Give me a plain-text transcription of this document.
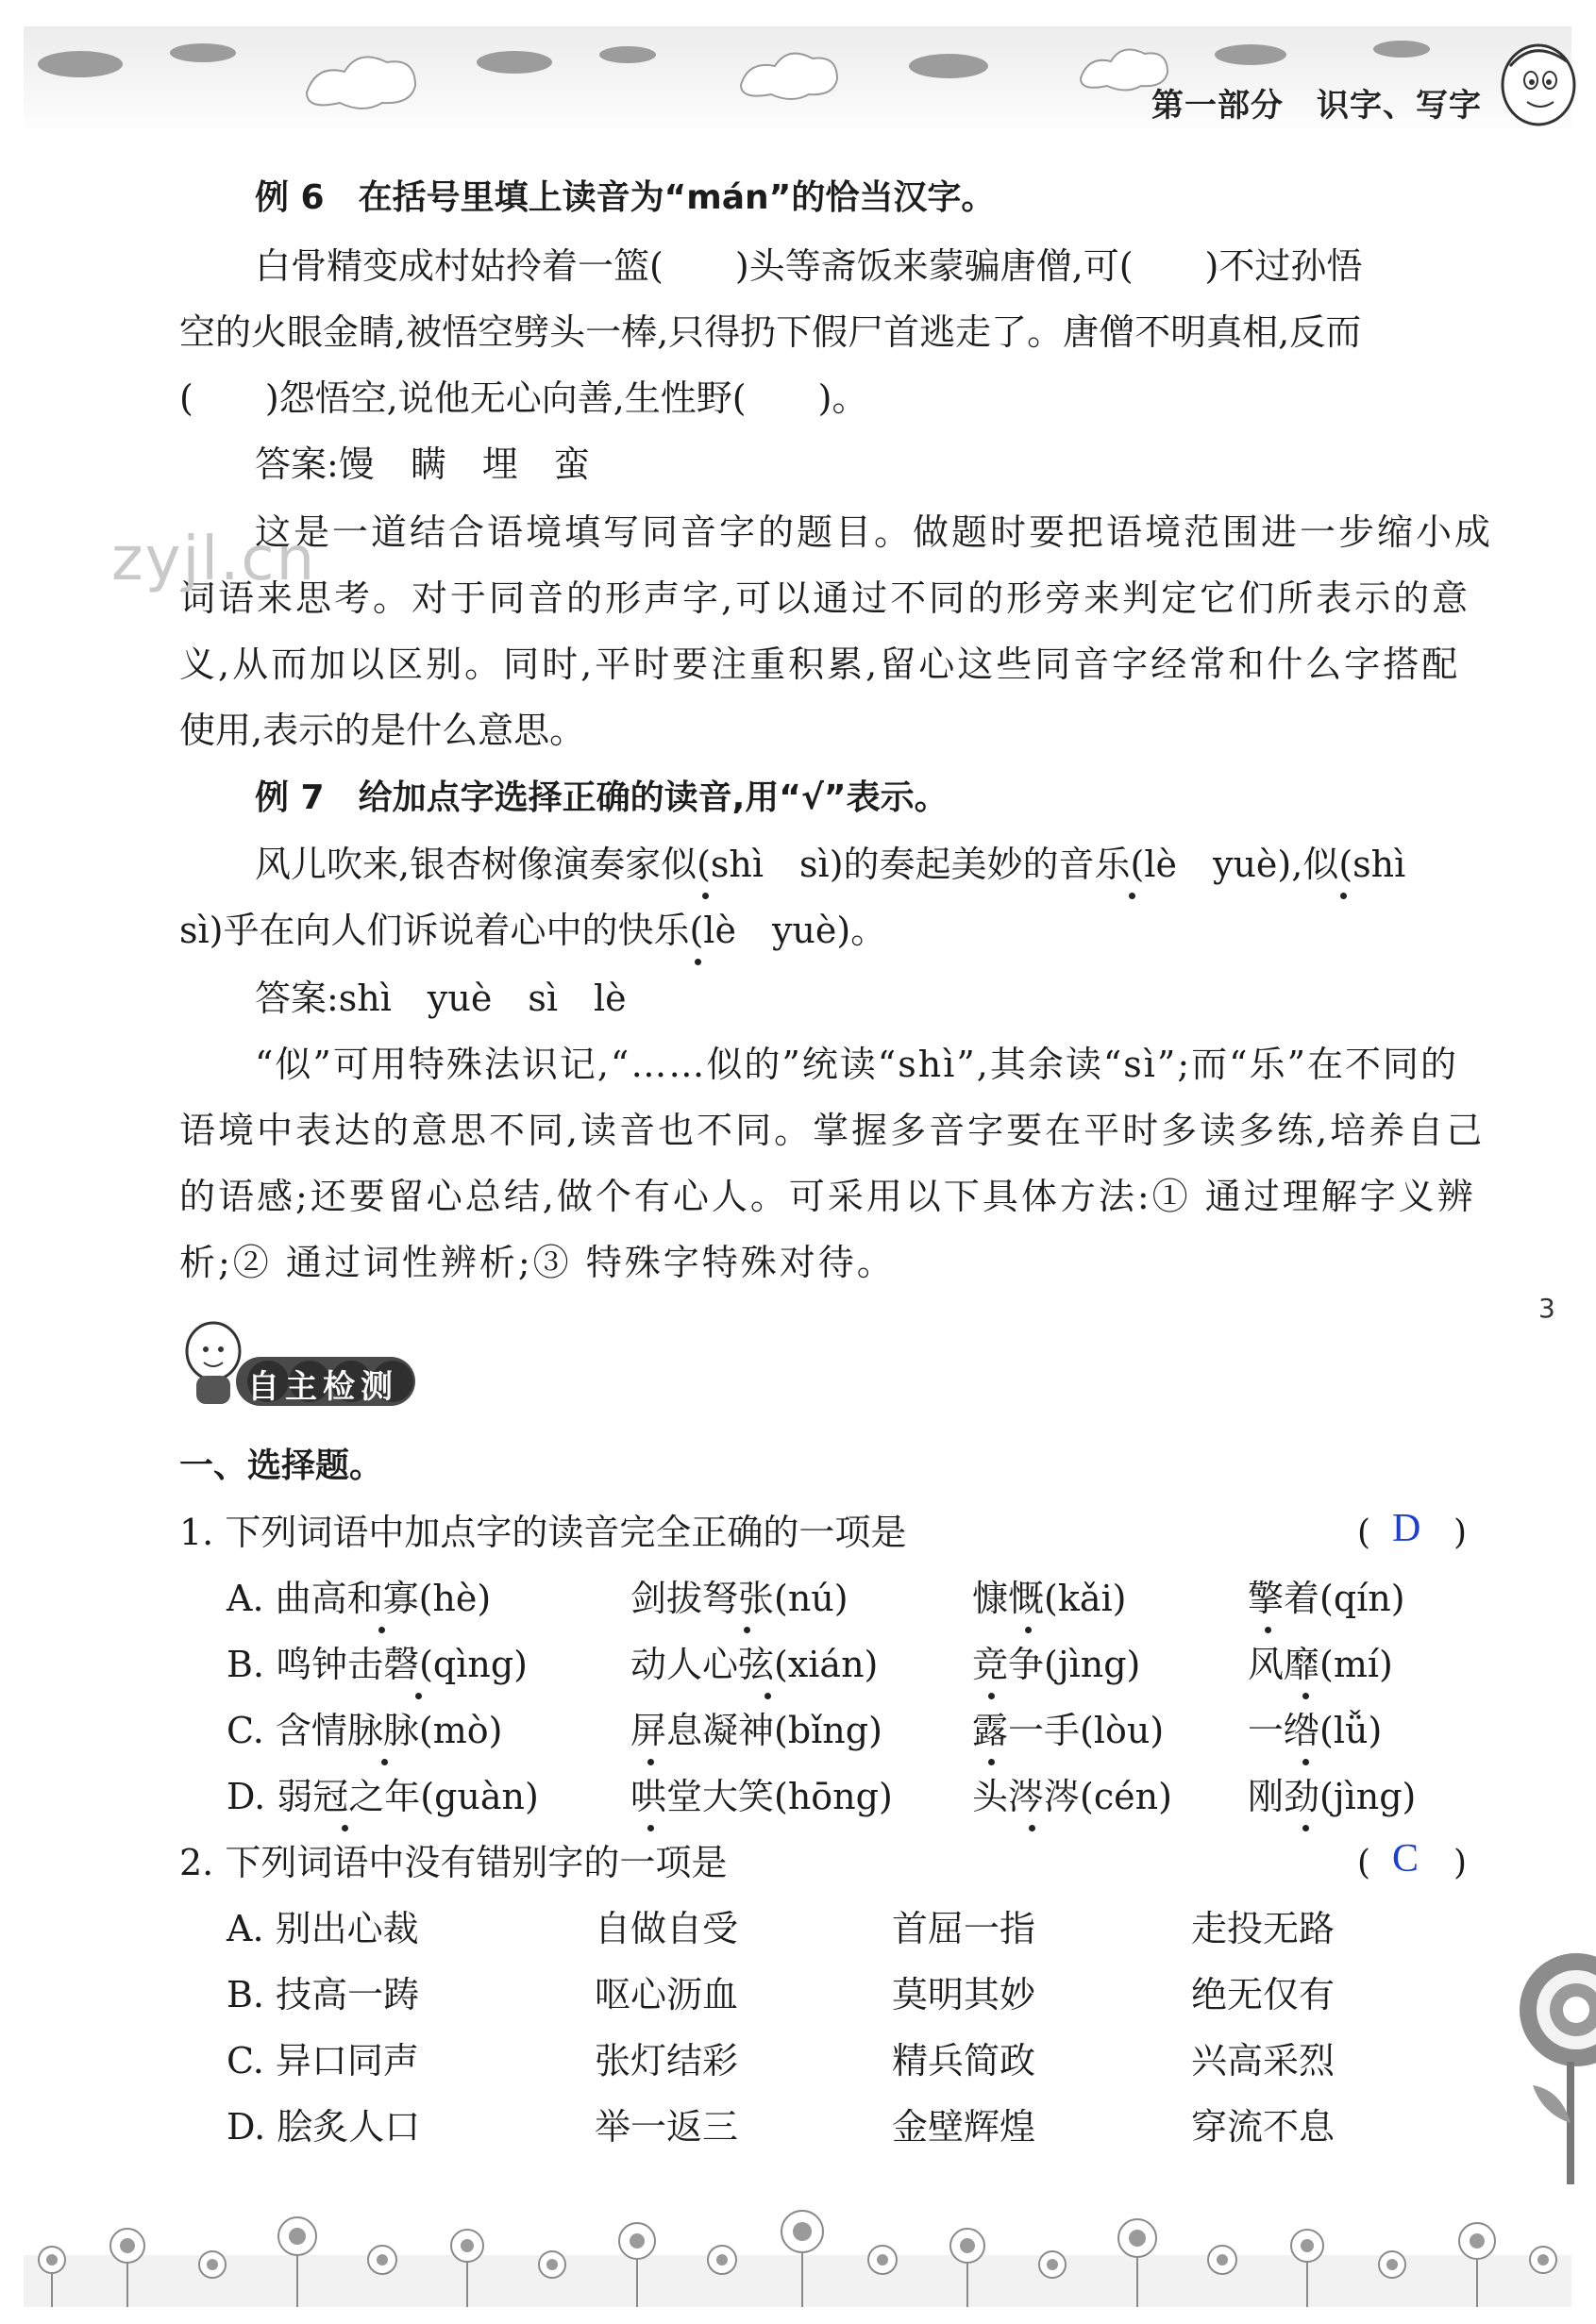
第一部分　识字、写字
例 6　在括号里填上读音为“mán”的恰当汉字。
白骨精变成村姑拎着一篮(　　)头等斋饭来蒙骗唐僧,可(　　)不过孙悟
空的火眼金睛,被悟空劈头一棒,只得扔下假尸首逃走了。唐僧不明真相,反而
(　　)怨悟空,说他无心向善,生性野(　　)。
答案:馒　瞒　埋　蛮
这是一道结合语境填写同音字的题目。做题时要把语境范围进一步缩小成
词语来思考。对于同音的形声字,可以通过不同的形旁来判定它们所表示的意
义,从而加以区别。同时,平时要注重积累,留心这些同音字经常和什么字搭配
使用,表示的是什么意思。
zyjl.cn
例 7　给加点字选择正确的读音,用“√”表示。
风儿吹来,银杏树像演奏家似(shì　sì)的奏起美妙的音乐(lè　yuè),似(shì
sì)乎在向人们诉说着心中的快乐(lè　yuè)。
答案:shì　yuè　sì　lè
“似”可用特殊法识记,“……似的”统读“shì”,其余读“sì”;而“乐”在不同的
语境中表达的意思不同,读音也不同。掌握多音字要在平时多读多练,培养自己
的语感;还要留心总结,做个有心人。可采用以下具体方法:① 通过理解字义辨
析;② 通过词性辨析;③ 特殊字特殊对待。
3
自主检测
一、选择题。
1. 下列词语中加点字的读音完全正确的一项是	( D )
A. 曲高和寡(hè)	剑拔弩张(nú)	慷慨(kǎi)	擎着(qín)
B. 鸣钟击磬(qìng)	动人心弦(xián)	竞争(jìng)	风靡(mí)
C. 含情脉脉(mò)	屏息凝神(bǐng)	露一手(lòu) 一绺(lǚ)
D. 弱冠之年(guàn)	哄堂大笑(hōng) 头涔涔(cén) 刚劲(jìng)
2. 下列词语中没有错别字的一项是	( C )
A. 别出心裁	自做自受	首屈一指	走投无路
B. 技高一踌	呕心沥血	莫明其妙	绝无仅有
C. 异口同声	张灯结彩	精兵简政	兴高采烈
D. 脍炙人口	举一返三	金壁辉煌	穿流不息
